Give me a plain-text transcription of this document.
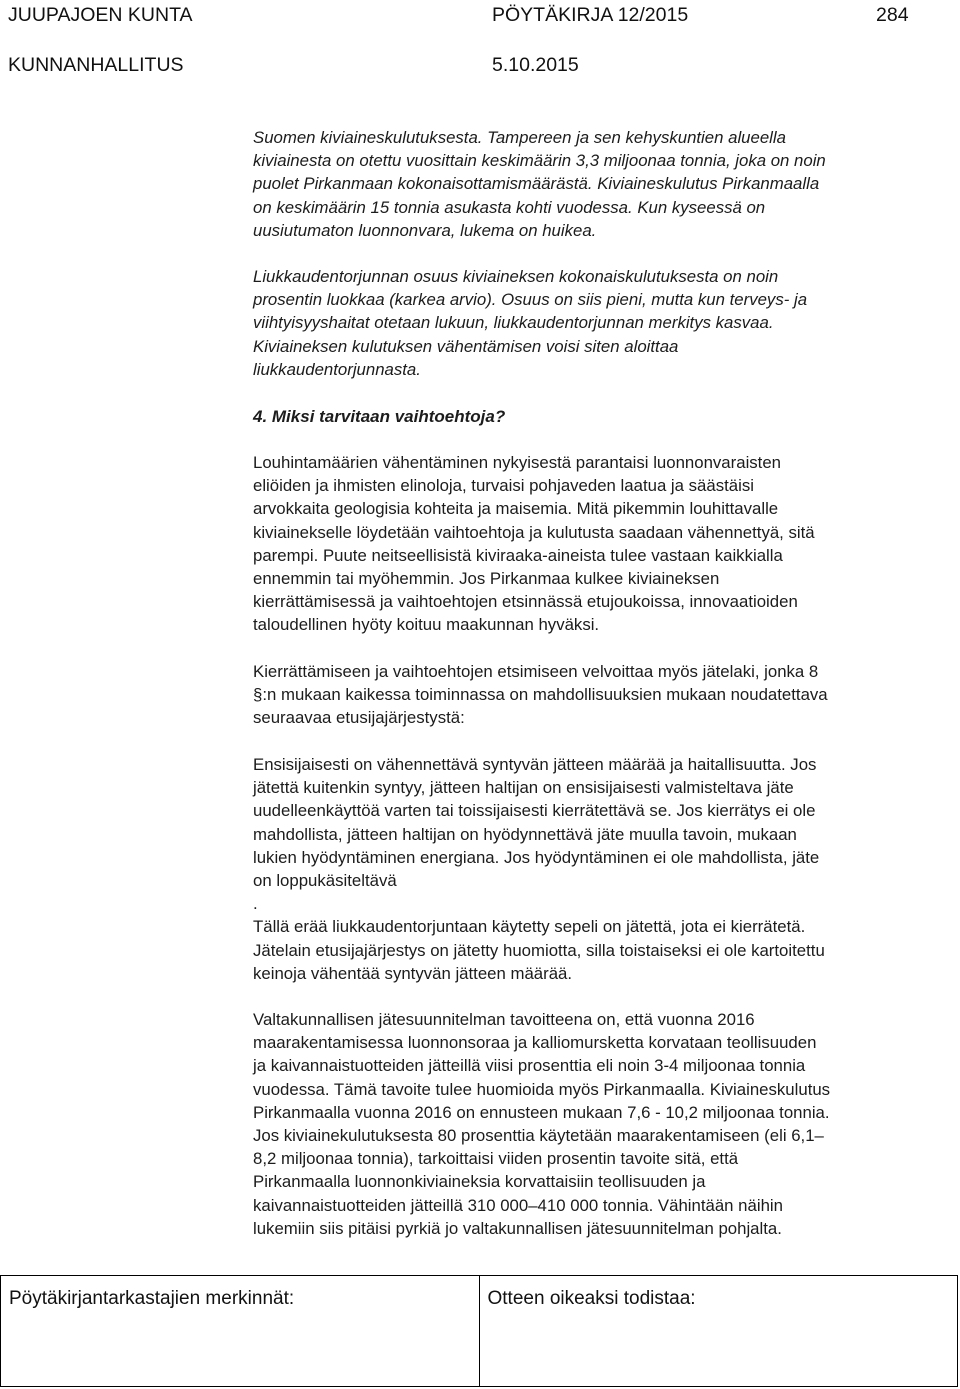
JUUPAJOEN KUNTA	PÖYTÄKIRJA 12/2015	284
KUNNANHALLITUS	5.10.2015
Suomen kiviaineskulutuksesta. Tampereen ja sen kehyskuntien alueella
kiviainesta on otettu vuosittain keskimäärin 3,3 miljoonaa tonnia, joka on noin
puolet Pirkanmaan kokonaisottamismäärästä. Kiviaineskulutus Pirkanmaalla
on keskimäärin 15 tonnia asukasta kohti vuodessa. Kun kyseessä on
uusiutumaton luonnonvara, lukema on huikea.
Liukkaudentorjunnan osuus kiviaineksen kokonaiskulutuksesta on noin
prosentin luokkaa (karkea arvio). Osuus on siis pieni, mutta kun terveys- ja
viihtyisyyshaitat otetaan lukuun, liukkaudentorjunnan merkitys kasvaa.
Kiviaineksen kulutuksen vähentämisen voisi siten aloittaa
liukkaudentorjunnasta.
4. Miksi tarvitaan vaihtoehtoja?
Louhintamäärien vähentäminen nykyisestä parantaisi luonnonvaraisten
eliöiden ja ihmisten elinoloja, turvaisi pohjaveden laatua ja säästäisi
arvokkaita geologisia kohteita ja maisemia. Mitä pikemmin louhittavalle
kiviainekselle löydetään vaihtoehtoja ja kulutusta saadaan vähennettyä, sitä
parempi. Puute neitseellisistä kiviraaka-aineista tulee vastaan kaikkialla
ennemmin tai myöhemmin. Jos Pirkanmaa kulkee kiviaineksen
kierrättämisessä ja vaihtoehtojen etsinnässä etujoukoissa, innovaatioiden
taloudellinen hyöty koituu maakunnan hyväksi.
Kierrättämiseen ja vaihtoehtojen etsimiseen velvoittaa myös jätelaki, jonka 8
§:n mukaan kaikessa toiminnassa on mahdollisuuksien mukaan noudatettava
seuraavaa etusijajärjestystä:
Ensisijaisesti on vähennettävä syntyvän jätteen määrää ja haitallisuutta. Jos
jätettä kuitenkin syntyy, jätteen haltijan on ensisijaisesti valmisteltava jäte
uudelleenkäyttöä varten tai toissijaisesti kierrätettävä se. Jos kierrätys ei ole
mahdollista, jätteen haltijan on hyödynnettävä jäte muulla tavoin, mukaan
lukien hyödyntäminen energiana. Jos hyödyntäminen ei ole mahdollista, jäte
on loppukäsiteltävä
.
Tällä erää liukkaudentorjuntaan käytetty sepeli on jätettä, jota ei kierrätetä.
Jätelain etusijajärjestys on jätetty huomiotta, silla toistaiseksi ei ole kartoitettu
keinoja vähentää syntyvän jätteen määrää.
Valtakunnallisen jätesuunnitelman tavoitteena on, että vuonna 2016
maarakentamisessa luonnonsoraa ja kalliomursketta korvataan teollisuuden
ja kaivannaistuotteiden jätteillä viisi prosenttia eli noin 3-4 miljoonaa tonnia
vuodessa. Tämä tavoite tulee huomioida myös Pirkanmaalla. Kiviaineskulutus
Pirkanmaalla vuonna 2016 on ennusteen mukaan 7,6 - 10,2 miljoonaa tonnia.
Jos kiviainekulutuksesta 80 prosenttia käytetään maarakentamiseen (eli 6,1–
8,2 miljoonaa tonnia), tarkoittaisi viiden prosentin tavoite sitä, että
Pirkanmaalla luonnonkiviaineksia korvattaisiin teollisuuden ja
kaivannaistuotteiden jätteillä 310 000–410 000 tonnia. Vähintään näihin
lukemiin siis pitäisi pyrkiä jo valtakunnallisen jätesuunnitelman pohjalta.
Pöytäkirjantarkastajien merkinnät:	Otteen oikeaksi todistaa:
